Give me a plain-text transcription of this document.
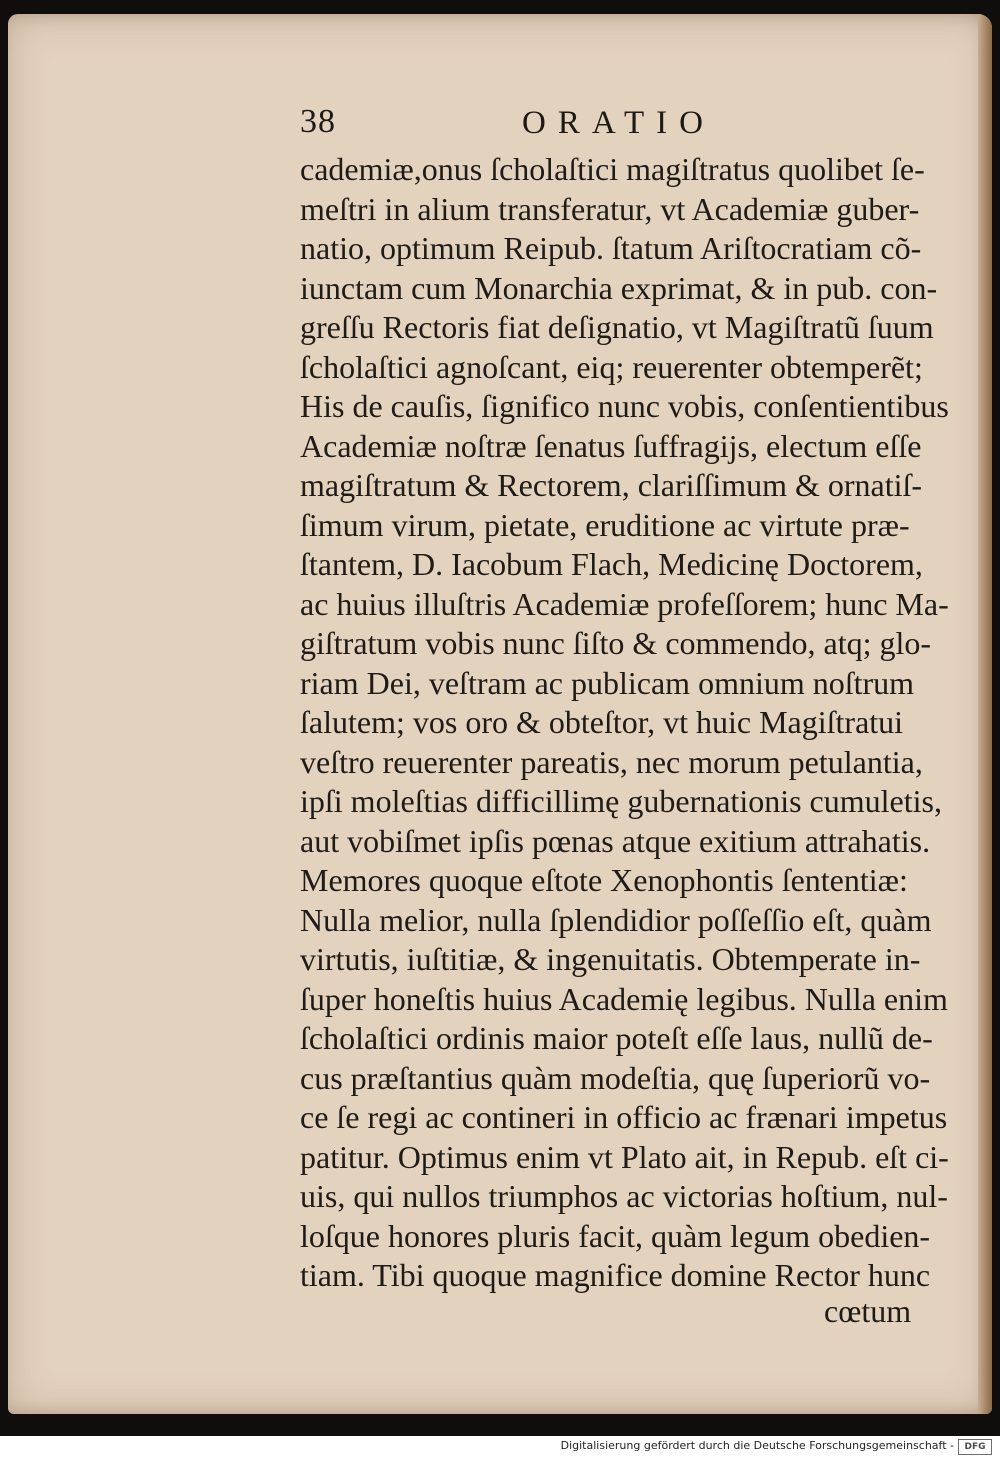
38	ORATIO
cademiæ,onus ſcholaſtici magiſtratus quolibet ſe-
meſtri in alium transferatur, vt Academiæ guber-
natio, optimum Reipub. ſtatum Ariſtocratiam cõ-
iunctam cum Monarchia exprimat, & in pub. con-
greſſu Rectoris fiat deſignatio, vt Magiſtratũ ſuum
ſcholaſtici agnoſcant, eiq; reuerenter obtemperẽt;
His de cauſis, ſignifico nunc vobis, conſentientibus
Academiæ noſtræ ſenatus ſuffragijs, electum eſſe
magiſtratum & Rectorem, clariſſimum & ornatiſ-
ſimum virum, pietate, eruditione ac virtute præ-
ſtantem, D. Iacobum Flach, Medicinę Doctorem,
ac huius illuſtris Academiæ profeſſorem; hunc Ma-
giſtratum vobis nunc ſiſto & commendo, atq; glo-
riam Dei, veſtram ac publicam omnium noſtrum
ſalutem; vos oro & obteſtor, vt huic Magiſtratui
veſtro reuerenter pareatis, nec morum petulantia,
ipſi moleſtias difficillimę gubernationis cumuletis,
aut vobiſmet ipſis pœnas atque exitium attrahatis.
Memores quoque eſtote Xenophontis ſententiæ:
Nulla melior, nulla ſplendidior poſſeſſio eſt, quàm
virtutis, iuſtitiæ, & ingenuitatis. Obtemperate in-
ſuper honeſtis huius Academię legibus. Nulla enim
ſcholaſtici ordinis maior poteſt eſſe laus, nullũ de-
cus præſtantius quàm modeſtia, quę ſuperiorũ vo-
ce ſe regi ac contineri in officio ac frænari impetus
patitur. Optimus enim vt Plato ait, in Repub. eſt ci-
uis, qui nullos triumphos ac victorias hoſtium, nul-
loſque honores pluris facit, quàm legum obedien-
tiam. Tibi quoque magnifice domine Rector hunc
cœtum
Digitalisierung gefördert durch die Deutsche Forschungsgemeinschaft -	DFG
